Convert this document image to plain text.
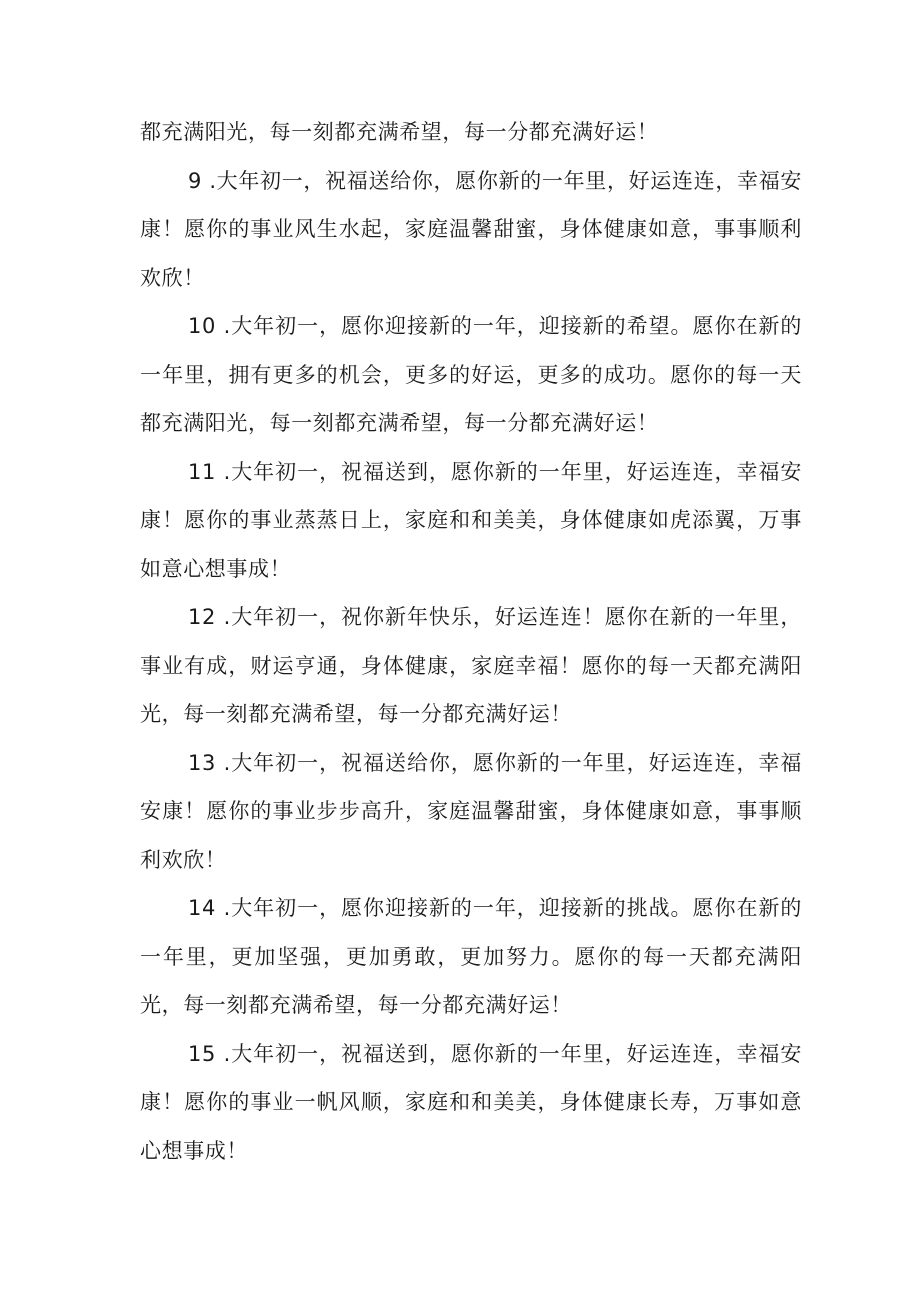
都充满阳光，每一刻都充满希望，每一分都充满好运！

9 .大年初一，祝福送给你，愿你新的一年里，好运连连，幸福安康！愿你的事业风生水起，家庭温馨甜蜜，身体健康如意，事事顺利欢欣！

10 .大年初一，愿你迎接新的一年，迎接新的希望。愿你在新的一年里，拥有更多的机会，更多的好运，更多的成功。愿你的每一天都充满阳光，每一刻都充满希望，每一分都充满好运！

11 .大年初一，祝福送到，愿你新的一年里，好运连连，幸福安康！愿你的事业蒸蒸日上，家庭和和美美，身体健康如虎添翼，万事如意心想事成！

12 .大年初一，祝你新年快乐，好运连连！愿你在新的一年里，事业有成，财运亨通，身体健康，家庭幸福！愿你的每一天都充满阳光，每一刻都充满希望，每一分都充满好运！

13 .大年初一，祝福送给你，愿你新的一年里，好运连连，幸福安康！愿你的事业步步高升，家庭温馨甜蜜，身体健康如意，事事顺利欢欣！

14 .大年初一，愿你迎接新的一年，迎接新的挑战。愿你在新的一年里，更加坚强，更加勇敢，更加努力。愿你的每一天都充满阳光，每一刻都充满希望，每一分都充满好运！

15 .大年初一，祝福送到，愿你新的一年里，好运连连，幸福安康！愿你的事业一帆风顺，家庭和和美美，身体健康长寿，万事如意心想事成！
